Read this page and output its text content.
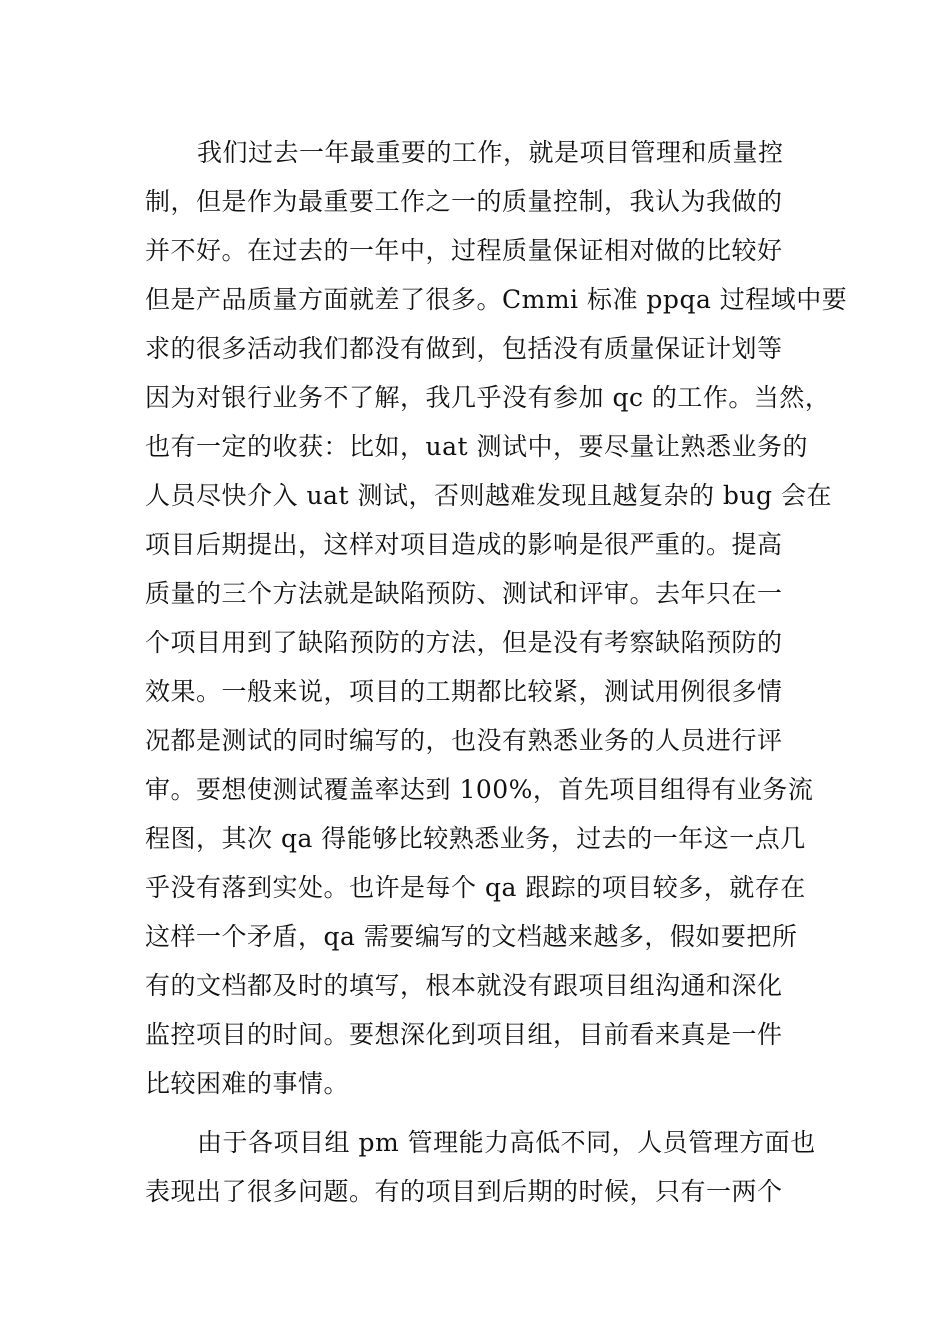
我们过去一年最重要的工作，就是项目管理和质量控
制，但是作为最重要工作之一的质量控制，我认为我做的
并不好。在过去的一年中，过程质量保证相对做的比较好
但是产品质量方面就差了很多。Cmmi 标准 ppqa 过程域中要
求的很多活动我们都没有做到，包括没有质量保证计划等
因为对银行业务不了解，我几乎没有参加 qc 的工作。当然，
也有一定的收获：比如，uat 测试中，要尽量让熟悉业务的
人员尽快介入 uat 测试，否则越难发现且越复杂的 bug 会在
项目后期提出，这样对项目造成的影响是很严重的。提高
质量的三个方法就是缺陷预防、测试和评审。去年只在一
个项目用到了缺陷预防的方法，但是没有考察缺陷预防的
效果。一般来说，项目的工期都比较紧，测试用例很多情
况都是测试的同时编写的，也没有熟悉业务的人员进行评
审。要想使测试覆盖率达到 100%，首先项目组得有业务流
程图，其次 qa 得能够比较熟悉业务，过去的一年这一点几
乎没有落到实处。也许是每个 qa 跟踪的项目较多，就存在
这样一个矛盾，qa 需要编写的文档越来越多，假如要把所
有的文档都及时的填写，根本就没有跟项目组沟通和深化
监控项目的时间。要想深化到项目组，目前看来真是一件
比较困难的事情。
由于各项目组 pm 管理能力高低不同，人员管理方面也
表现出了很多问题。有的项目到后期的时候，只有一两个
